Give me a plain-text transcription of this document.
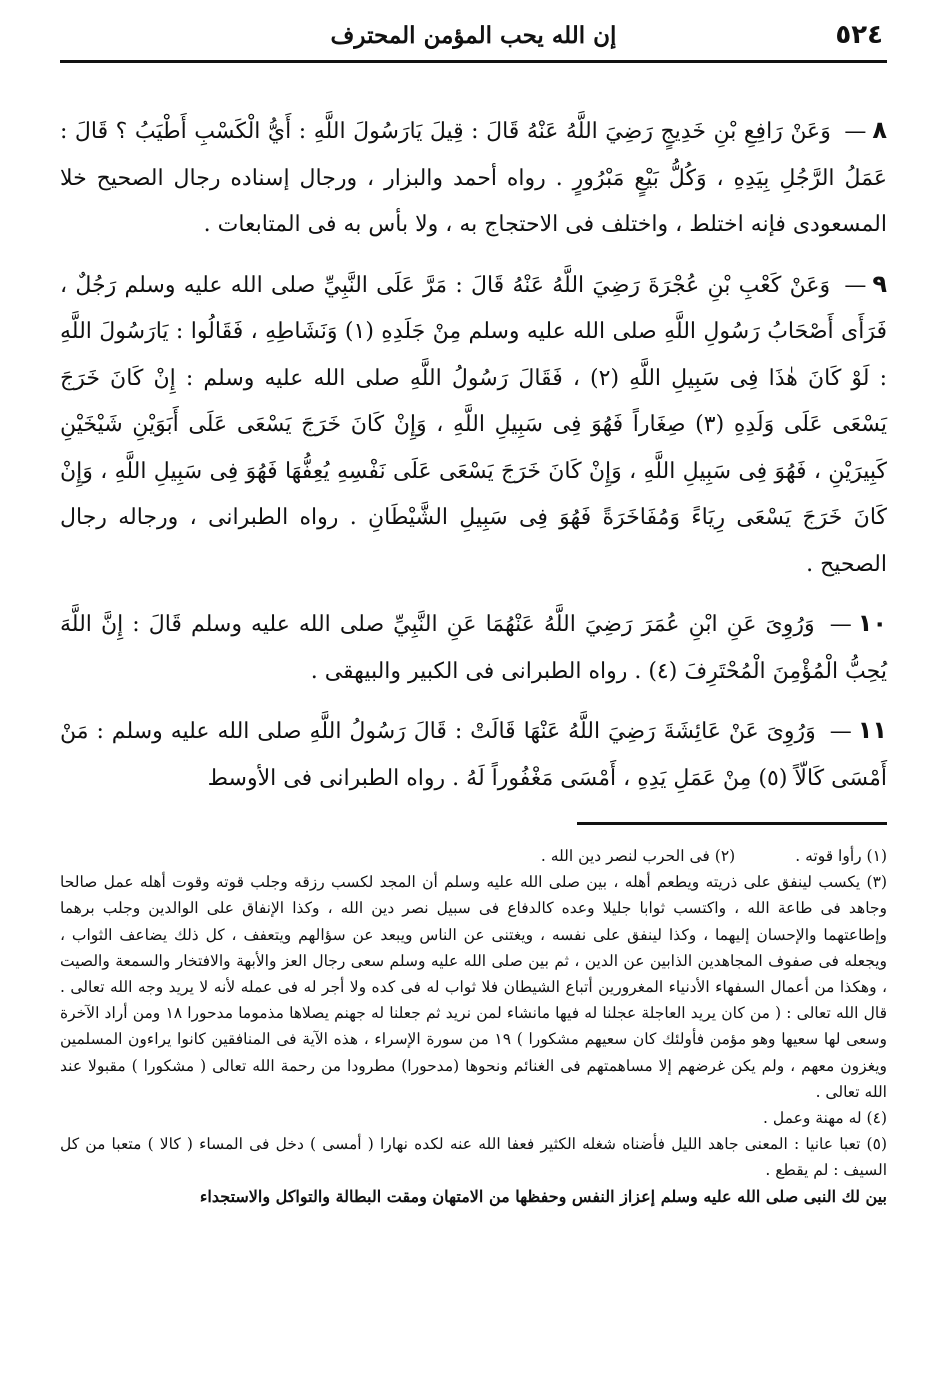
٥٢٤
إن الله يحب المؤمن المحترف

٨— وَعَنْ رَافِعِ بْنِ خَدِيجٍ رَضِيَ اللَّهُ عَنْهُ قَالَ : قِيلَ يَارَسُولَ اللَّهِ : أَيُّ الْكَسْبِ أَطْيَبُ ؟ قَالَ : عَمَلُ الرَّجُلِ بِيَدِهِ ، وَكُلُّ بَيْعٍ مَبْرُورٍ . رواه أحمد والبزار ، ورجال إسناده رجال الصحيح خلا المسعودى فإنه اختلط ، واختلف فى الاحتجاج به ، ولا بأس به فى المتابعات .

٩— وَعَنْ كَعْبِ بْنِ عُجْرَةَ رَضِيَ اللَّهُ عَنْهُ قَالَ : مَرَّ عَلَى النَّبِيِّ صلى الله عليه وسلم رَجُلٌ ، فَرَأَى أَصْحَابُ رَسُولِ اللَّهِ صلى الله عليه وسلم مِنْ جَلَدِهِ (١) وَنَشَاطِهِ ، فَقَالُوا : يَارَسُولَ اللَّهِ : لَوْ كَانَ هٰذَا فِى سَبِيلِ اللَّهِ (٢) ، فَقَالَ رَسُولُ اللَّهِ صلى الله عليه وسلم : إِنْ كَانَ خَرَجَ يَسْعَى عَلَى وَلَدِهِ (٣) صِغَاراً فَهُوَ فِى سَبِيلِ اللَّهِ ، وَإِنْ كَانَ خَرَجَ يَسْعَى عَلَى أَبَوَيْنِ شَيْخَيْنِ كَبِيرَيْنِ ، فَهُوَ فِى سَبِيلِ اللَّهِ ، وَإِنْ كَانَ خَرَجَ يَسْعَى عَلَى نَفْسِهِ يُعِفُّهَا فَهُوَ فِى سَبِيلِ اللَّهِ ، وَإِنْ كَانَ خَرَجَ يَسْعَى رِيَاءً وَمُفَاخَرَةً فَهُوَ فِى سَبِيلِ الشَّيْطَانِ . رواه الطبرانى ، ورجاله رجال الصحيح .

١٠— وَرُوِىَ عَنِ ابْنِ عُمَرَ رَضِيَ اللَّهُ عَنْهُمَا عَنِ النَّبِيِّ صلى الله عليه وسلم قَالَ : إِنَّ اللَّهَ يُحِبُّ الْمُؤْمِنَ الْمُحْتَرِفَ (٤) . رواه الطبرانى فى الكبير والبيهقى .

١١— وَرُوِىَ عَنْ عَائِشَةَ رَضِيَ اللَّهُ عَنْهَا قَالَتْ : قَالَ رَسُولُ اللَّهِ صلى الله عليه وسلم : مَنْ أَمْسَى كَالّاً (٥) مِنْ عَمَلِ يَدِهِ ، أَمْسَى مَغْفُوراً لَهُ . رواه الطبرانى فى الأوسط

(١) رأوا قوته .

(٢) فى الحرب لنصر دين الله .

(٣) يكسب لينفق على ذريته ويطعم أهله ، بين صلى الله عليه وسلم أن المجد لكسب رزقه وجلب قوته وقوت أهله عمل صالحا وجاهد فى طاعة الله ، واكتسب ثوابا جليلا وعده كالدفاع فى سبيل نصر دين الله ، وكذا الإنفاق على الوالدين وجلب برهما وإطاعتهما والإحسان إليهما ، وكذا لينفق على نفسه ، ويغتنى عن الناس ويبعد عن سؤالهم ويتعفف ، كل ذلك يضاعف الثواب ، ويجعله فى صفوف المجاهدين الذابين عن الدين ، ثم بين صلى الله عليه وسلم سعى رجال العز والأبهة والافتخار والسمعة والصيت ، وهكذا من أعمال السفهاء الأدنياء المغرورين أتباع الشيطان فلا ثواب له فى كده ولا أجر له فى عمله لأنه لا يريد وجه الله تعالى . قال الله تعالى : ( من كان يريد العاجلة عجلنا له فيها مانشاء لمن نريد ثم جعلنا له جهنم يصلاها مذموما مدحورا ١٨ ومن أراد الآخرة وسعى لها سعيها وهو مؤمن فأولئك كان سعيهم مشكورا ) ١٩ من سورة الإسراء ، هذه الآية فى المنافقين كانوا يراءون المسلمين ويغزون معهم ، ولم يكن غرضهم إلا مساهمتهم فى الغنائم ونحوها (مدحورا) مطرودا من رحمة الله تعالى ( مشكورا ) مقبولا عند الله تعالى .

(٤) له مهنة وعمل .

(٥) تعبا عانيا : المعنى جاهد الليل فأضناه شغله الكثير فعفا الله عنه لكده نهارا ( أمسى ) دخل فى المساء ( كالا ) متعبا من كل السيف : لم يقطع .

بين لك النبى صلى الله عليه وسلم إعزاز النفس وحفظها من الامتهان ومقت البطالة والتواكل والاستجداء
